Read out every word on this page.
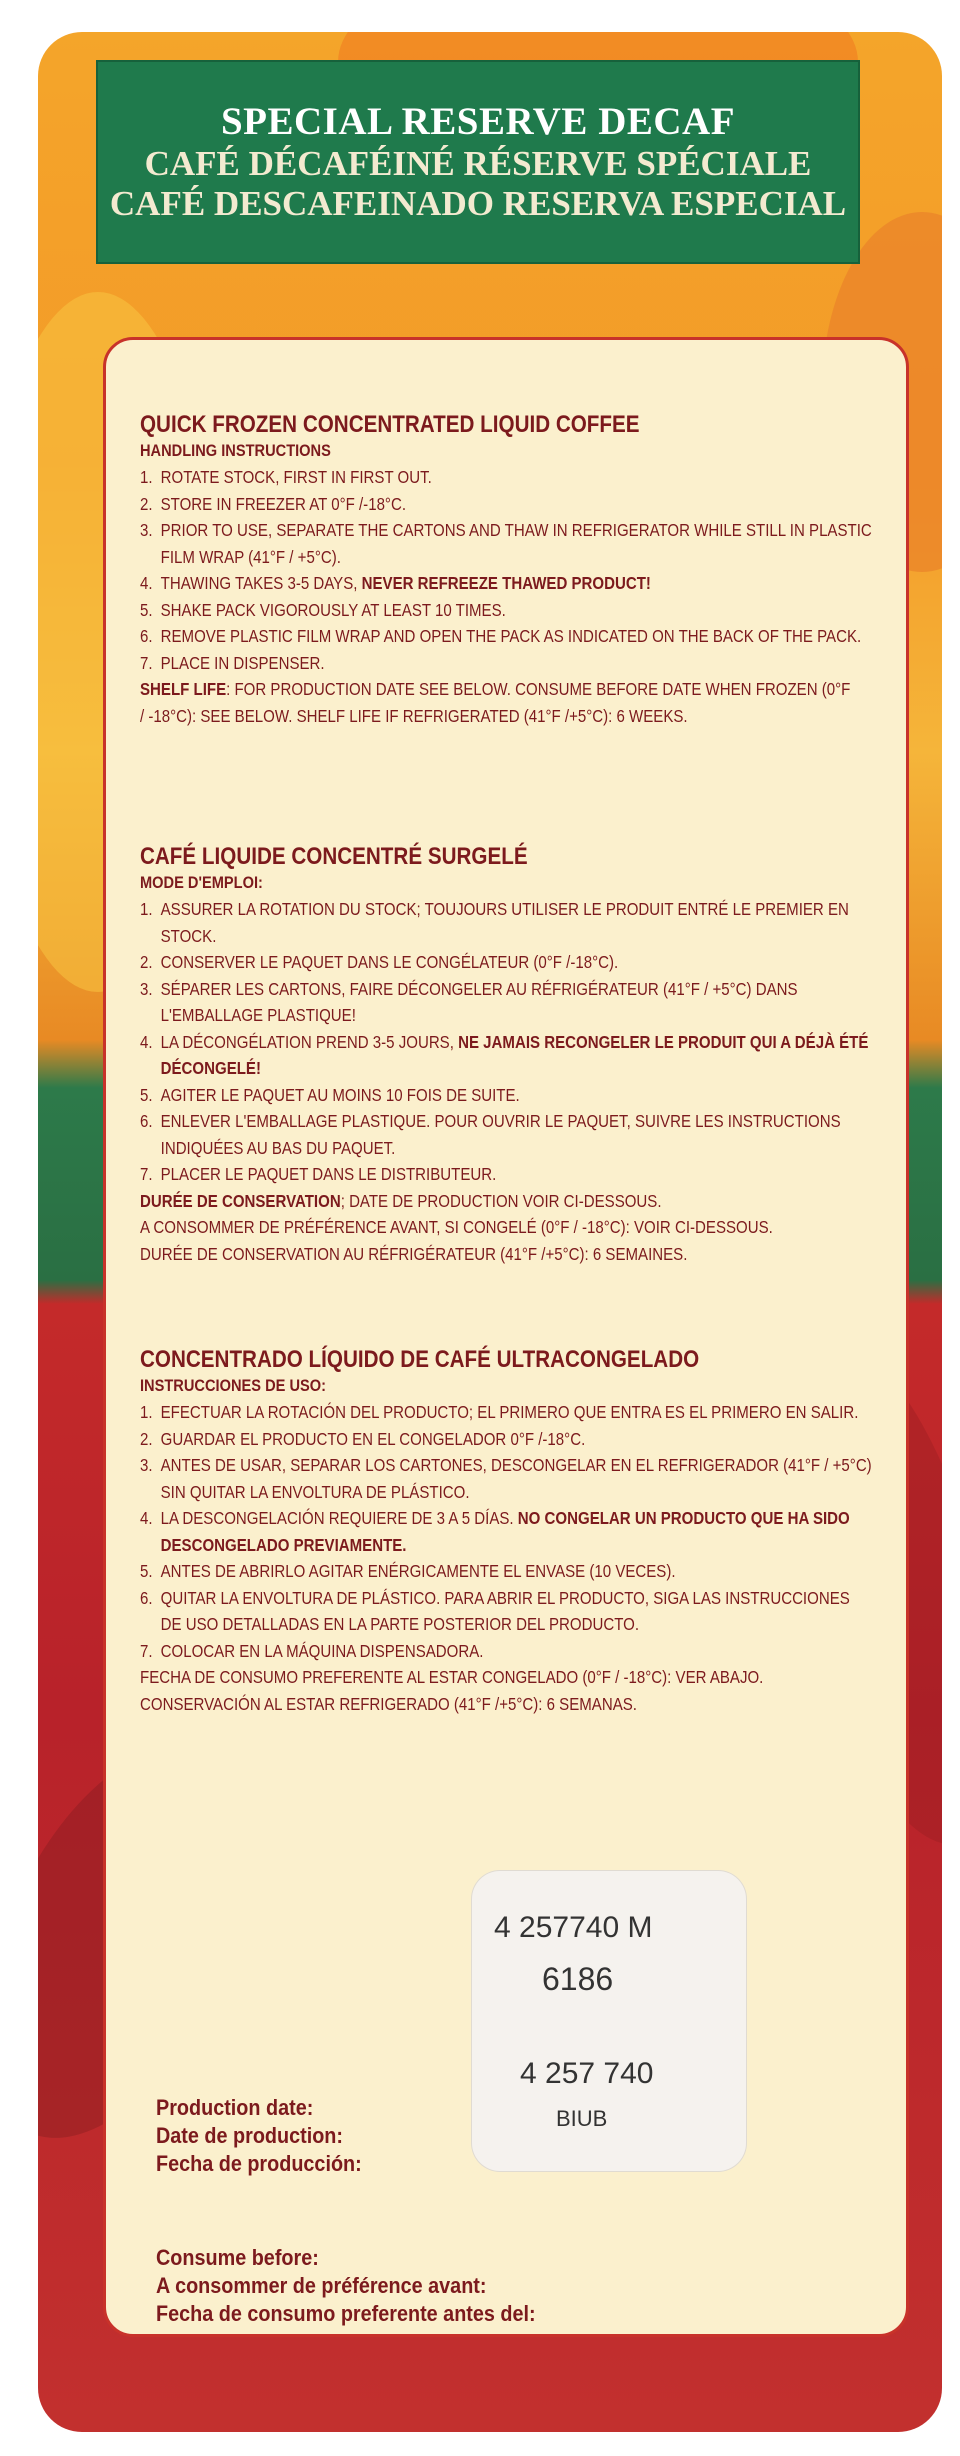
SPECIAL RESERVE DECAF
CAFÉ DÉCAFÉINÉ RÉSERVE SPÉCIALE
CAFÉ DESCAFEINADO RESERVA ESPECIAL
QUICK FROZEN CONCENTRATED LIQUID COFFEE
HANDLING INSTRUCTIONS
1. ROTATE STOCK, FIRST IN FIRST OUT.
2. STORE IN FREEZER AT 0°F /-18°C.
3. PRIOR TO USE, SEPARATE THE CARTONS AND THAW IN REFRIGERATOR WHILE STILL IN PLASTIC FILM WRAP (41°F / +5°C).
4. THAWING TAKES 3-5 DAYS, NEVER REFREEZE THAWED PRODUCT!
5. SHAKE PACK VIGOROUSLY AT LEAST 10 TIMES.
6. REMOVE PLASTIC FILM WRAP AND OPEN THE PACK AS INDICATED ON THE BACK OF THE PACK.
7. PLACE IN DISPENSER.
SHELF LIFE: FOR PRODUCTION DATE SEE BELOW. CONSUME BEFORE DATE WHEN FROZEN (0°F / -18°C): SEE BELOW. SHELF LIFE IF REFRIGERATED (41°F /+5°C): 6 WEEKS.
CAFÉ LIQUIDE CONCENTRÉ SURGELÉ
MODE D'EMPLOI:
1. ASSURER LA ROTATION DU STOCK; TOUJOURS UTILISER LE PRODUIT ENTRÉ LE PREMIER EN STOCK.
2. CONSERVER LE PAQUET DANS LE CONGÉLATEUR (0°F /-18°C).
3. SÉPARER LES CARTONS, FAIRE DÉCONGELER AU RÉFRIGÉRATEUR (41°F / +5°C) DANS L'EMBALLAGE PLASTIQUE!
4. LA DÉCONGÉLATION PREND 3-5 JOURS, NE JAMAIS RECONGELER LE PRODUIT QUI A DÉJÀ ÉTÉ DÉCONGELÉ!
5. AGITER LE PAQUET AU MOINS 10 FOIS DE SUITE.
6. ENLEVER L'EMBALLAGE PLASTIQUE. POUR OUVRIR LE PAQUET, SUIVRE LES INSTRUCTIONS INDIQUÉES AU BAS DU PAQUET.
7. PLACER LE PAQUET DANS LE DISTRIBUTEUR.
DURÉE DE CONSERVATION; DATE DE PRODUCTION VOIR CI-DESSOUS.
A CONSOMMER DE PRÉFÉRENCE AVANT, SI CONGELÉ (0°F / -18°C): VOIR CI-DESSOUS.
DURÉE DE CONSERVATION AU RÉFRIGÉRATEUR (41°F /+5°C): 6 SEMAINES.
CONCENTRADO LÍQUIDO DE CAFÉ ULTRACONGELADO
INSTRUCCIONES DE USO:
1. EFECTUAR LA ROTACIÓN DEL PRODUCTO; EL PRIMERO QUE ENTRA ES EL PRIMERO EN SALIR.
2. GUARDAR EL PRODUCTO EN EL CONGELADOR 0°F /-18°C.
3. ANTES DE USAR, SEPARAR LOS CARTONES, DESCONGELAR EN EL REFRIGERADOR (41°F / +5°C) SIN QUITAR LA ENVOLTURA DE PLÁSTICO.
4. LA DESCONGELACIÓN REQUIERE DE 3 A 5 DÍAS. NO CONGELAR UN PRODUCTO QUE HA SIDO DESCONGELADO PREVIAMENTE.
5. ANTES DE ABRIRLO AGITAR ENÉRGICAMENTE EL ENVASE (10 VECES).
6. QUITAR LA ENVOLTURA DE PLÁSTICO. PARA ABRIR EL PRODUCTO, SIGA LAS INSTRUCCIONES DE USO DETALLADAS EN LA PARTE POSTERIOR DEL PRODUCTO.
7. COLOCAR EN LA MÁQUINA DISPENSADORA.
FECHA DE CONSUMO PREFERENTE AL ESTAR CONGELADO (0°F / -18°C): VER ABAJO.
CONSERVACIÓN AL ESTAR REFRIGERADO (41°F /+5°C): 6 SEMANAS.
4 257740 M
6186
4 257 740
BIUB
Production date:
Date de production:
Fecha de producción:
Consume before:
A consommer de préférence avant:
Fecha de consumo preferente antes del:
